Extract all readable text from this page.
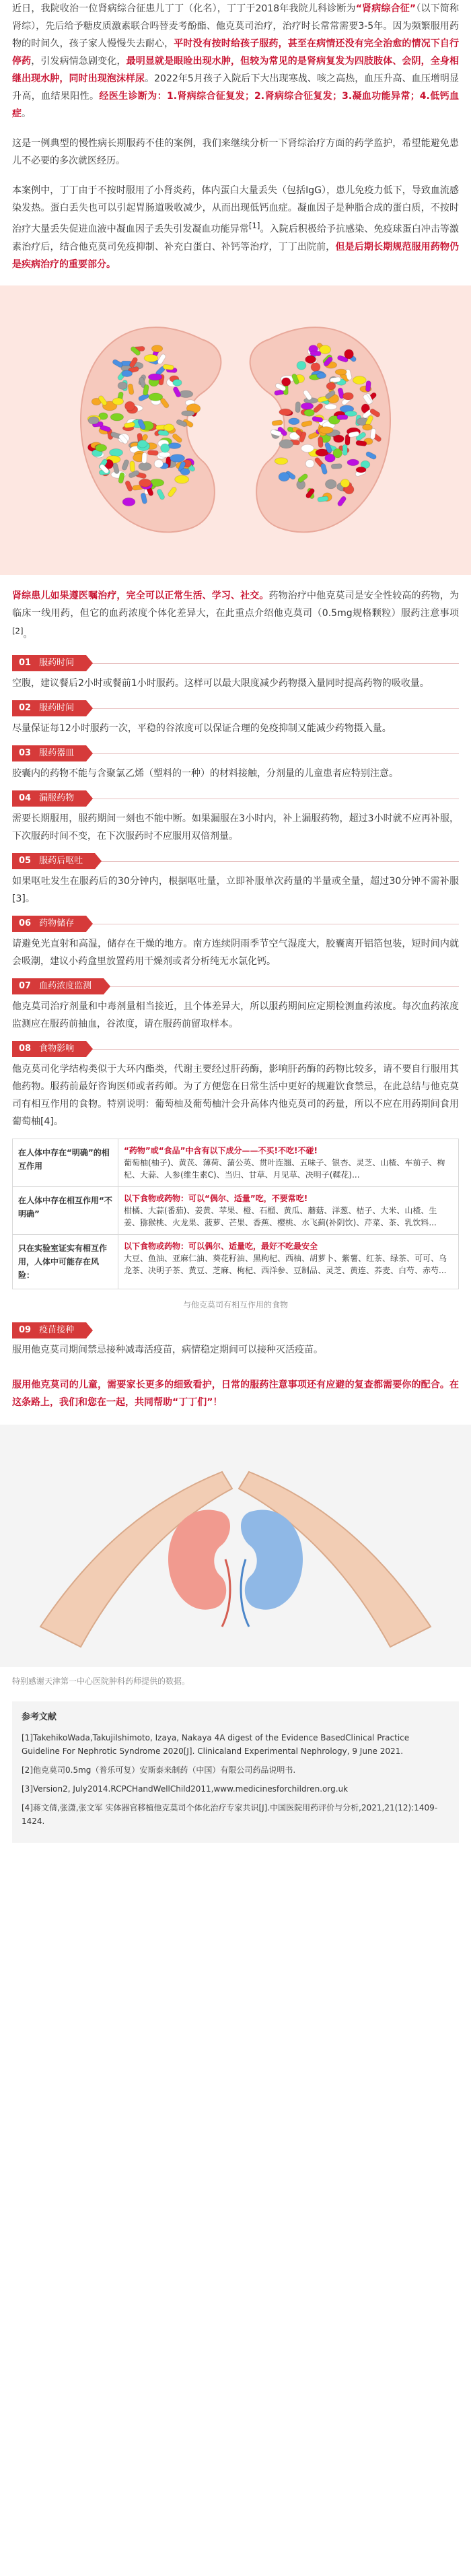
近日，我院收治一位肾病综合征患儿丁丁（化名），丁丁于2018年我院儿科诊断为“肾病综合征”（以下简称肾综），先后给予糖皮质激素联合吗替麦考酚酯、他克莫司治疗，治疗时长常常需要3-5年。因为频繁服用药物的时间久，孩子家人慢慢失去耐心，平时没有按时给孩子服药，甚至在病情还没有完全治愈的情况下自行停药，引发病情急剧变化，最明显就是眼睑出现水肿，但较为常见的是肾病复发为四肢肢体、会阴，全身相继出现水肿，同时出现泡沫样尿。2022年5月孩子入院后下大出现寒战、咳之高热，血压升高、血压增明显升高，血结果阳性。经医生诊断为：1.肾病综合征复发；2.肾病综合征复发；3.凝血功能异常；4.低钙血症。

这是一例典型的慢性病长期服药不佳的案例，我们来继续分析一下肾综治疗方面的药学监护，希望能避免患儿不必要的多次就医经历。

本案例中，丁丁由于不按时服用了小肾炎药，体内蛋白大量丢失（包括IgG），患儿免疫力低下，导致血流感染发热。蛋白丢失也可以引起胃肠道吸收减少，从而出现低钙血症。凝血因子是种脂合成的蛋白质，不按时治疗大量丢失促进血液中凝血因子丢失引发凝血功能异常[1]。入院后积极给予抗感染、免疫球蛋白冲击等激素治疗后，结合他克莫司免疫抑制、补充白蛋白、补钙等治疗，丁丁出院前，但是后期长期规范服用药物仍是疾病治疗的重要部分。

肾综患儿如果遵医嘱治疗，完全可以正常生活、学习、社交。药物治疗中他克莫司是安全性较高的药物，为临床一线用药，但它的血药浓度个体化差异大，在此重点介绍他克莫司（0.5mg规格颗粒）服药注意事项[2]。

01 服药时间
空腹，建议餐后2小时或餐前1小时服药。这样可以最大限度减少药物摄入量同时提高药物的吸收量。
02 服药时间
尽量保证每12小时服药一次，平稳的谷浓度可以保证合理的免疫抑制又能减少药物摄入量。
03 服药器皿
胶囊内的药物不能与含聚氯乙烯（塑料的一种）的材料接触，分剂量的儿童患者应特别注意。
04 漏服药物
需要长期服用，服药期间一刻也不能中断。如果漏服在3小时内，补上漏服药物，超过3小时就不应再补服，下次服药时间不变，在下次服药时不应服用双倍剂量。
05 服药后呕吐
如果呕吐发生在服药后的30分钟内，根据呕吐量，立即补服单次药量的半量或全量，超过30分钟不需补服[3]。
06 药物储存
请避免光直射和高温，储存在干燥的地方。南方连续阴雨季节空气湿度大，胶囊离开铝箔包装，短时间内就会吸潮，建议小药盒里放置药用干燥剂或者分析纯无水氯化钙。
07 血药浓度监测
他克莫司治疗剂量和中毒剂量相当接近，且个体差异大，所以服药期间应定期检测血药浓度。每次血药浓度监测应在服药前抽血，谷浓度，请在服药前留取样本。
08 食物影响
他克莫司化学结构类似于大环内酯类，代谢主要经过肝药酶，影响肝药酶的药物比较多，请不要自行服用其他药物。服药前最好咨询医师或者药师。为了方便您在日常生活中更好的规避饮食禁忌，在此总结与他克莫司有相互作用的食物。特别说明：葡萄柚及葡萄柚汁会升高体内他克莫司的药量，所以不应在用药期间食用葡萄柚[4]。
在人体中存在“明确”的相互作用
“药物”或“食品”中含有以下成分——不买!不吃!不碰!
葡萄柚(柚子)、黄芪、薄荷、蒲公英、贯叶连翘、五味子、银杏、灵芝、山楂、车前子、枸杞、大蒜、人参(维生素C)、当归、甘草、月见草、决明子(鞣花)...
在人体中存在相互作用“不明确”
以下食物或药物：可以“偶尔、适量”吃，不要常吃!
柑橘、大蒜(番茄)、姜黄、苹果、橙、石榴、黄瓜、蘑菇、洋葱、桔子、大米、山楂、生姜、猕猴桃、火龙果、菠萝、芒果、香蕉、樱桃、水飞蓟(补阴饮)、芹菜、茶、乳饮料...
只在实验室证实有相互作用，人体中可能存在风险：
以下食物或药物：可以偶尔、适量吃，最好不吃最安全
大豆、鱼油、亚麻仁油、葵花籽油、黑枸杞、西柚、胡萝卜、紫薯、红茶、绿茶、可可、乌龙茶、决明子茶、黄豆、芝麻、枸杞、西洋参、豆制品、灵芝、黄连、荞麦、白芍、赤芍...
与他克莫司有相互作用的食物
09 疫苗接种
服用他克莫司期间禁忌接种减毒活疫苗，病情稳定期间可以接种灭活疫苗。

服用他克莫司的儿童，需要家长更多的细致看护，日常的服药注意事项还有应避的复查都需要你的配合。在这条路上，我们和您在一起，共同帮助“丁丁们”！

特别感谢天津第一中心医院肿科药师提供的数据。
参考文献
[1]TakehikoWada,TakujiIshimoto, Izaya, Nakaya 4A digest of the Evidence BasedClinical Practice Guideline For Nephrotic Syndrome 2020[J]. Clinicaland Experimental Nephrology, 9 June 2021.
[2]他克莫司0.5mg（普乐可复）安斯泰来制药（中国）有限公司药品说明书.
[3]Version2, July2014.RCPCHandWellChild2011,www.medicinesforchildren.org.uk
[4]蒋文倩,张潇,张文军 实体器官移植他克莫司个体化治疗专家共识[J].中国医院用药评价与分析,2021,21(12):1409-1424.
